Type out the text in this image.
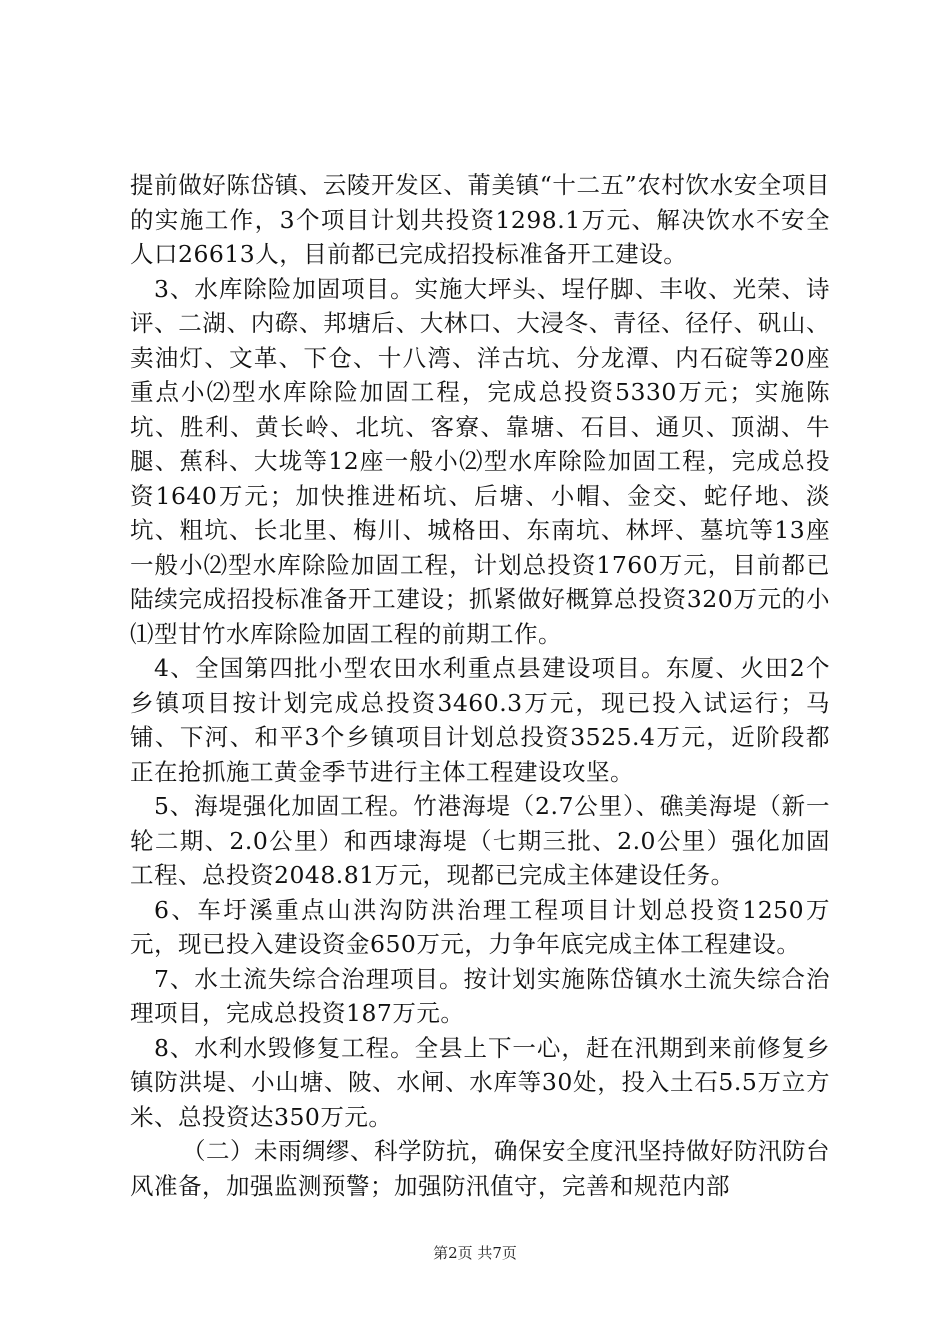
提前做好陈岱镇、云陵开发区、莆美镇“十二五”农村饮水安全项目的实施工作，3个项目计划共投资1298.1万元、解决饮水不安全人口26613人，目前都已完成招投标准备开工建设。

3、水库除险加固项目。实施大坪头、埕仔脚、丰收、光荣、诗评、二湖、内磜、邦塘后、大林口、大浸冬、青径、径仔、矾山、卖油灯、文革、下仓、十八湾、洋古坑、分龙潭、内石碇等20座重点小⑵型水库除险加固工程，完成总投资5330万元；实施陈坑、胜利、黄长岭、北坑、客寮、靠塘、石目、通贝、顶湖、牛腿、蕉科、大垅等12座一般小⑵型水库除险加固工程，完成总投资1640万元；加快推进柘坑、后塘、小帽、金交、蛇仔地、淡坑、粗坑、长北里、梅川、城格田、东南坑、林坪、墓坑等13座一般小⑵型水库除险加固工程，计划总投资1760万元，目前都已陆续完成招投标准备开工建设；抓紧做好概算总投资320万元的小⑴型甘竹水库除险加固工程的前期工作。

4、全国第四批小型农田水利重点县建设项目。东厦、火田2个乡镇项目按计划完成总投资3460.3万元，现已投入试运行；马铺、下河、和平3个乡镇项目计划总投资3525.4万元，近阶段都正在抢抓施工黄金季节进行主体工程建设攻坚。

5、海堤强化加固工程。竹港海堤（2.7公里）、礁美海堤（新一轮二期、2.0公里）和西埭海堤（七期三批、2.0公里）强化加固工程、总投资2048.81万元，现都已完成主体建设任务。

6、车圩溪重点山洪沟防洪治理工程项目计划总投资1250万元，现已投入建设资金650万元，力争年底完成主体工程建设。

7、水土流失综合治理项目。按计划实施陈岱镇水土流失综合治理项目，完成总投资187万元。

8、水利水毁修复工程。全县上下一心，赶在汛期到来前修复乡镇防洪堤、小山塘、陂、水闸、水库等30处，投入土石5.5万立方米、总投资达350万元。

（二）未雨绸缪、科学防抗，确保安全度汛坚持做好防汛防台风准备，加强监测预警；加强防汛值守，完善和规范内部

第2页 共7页
